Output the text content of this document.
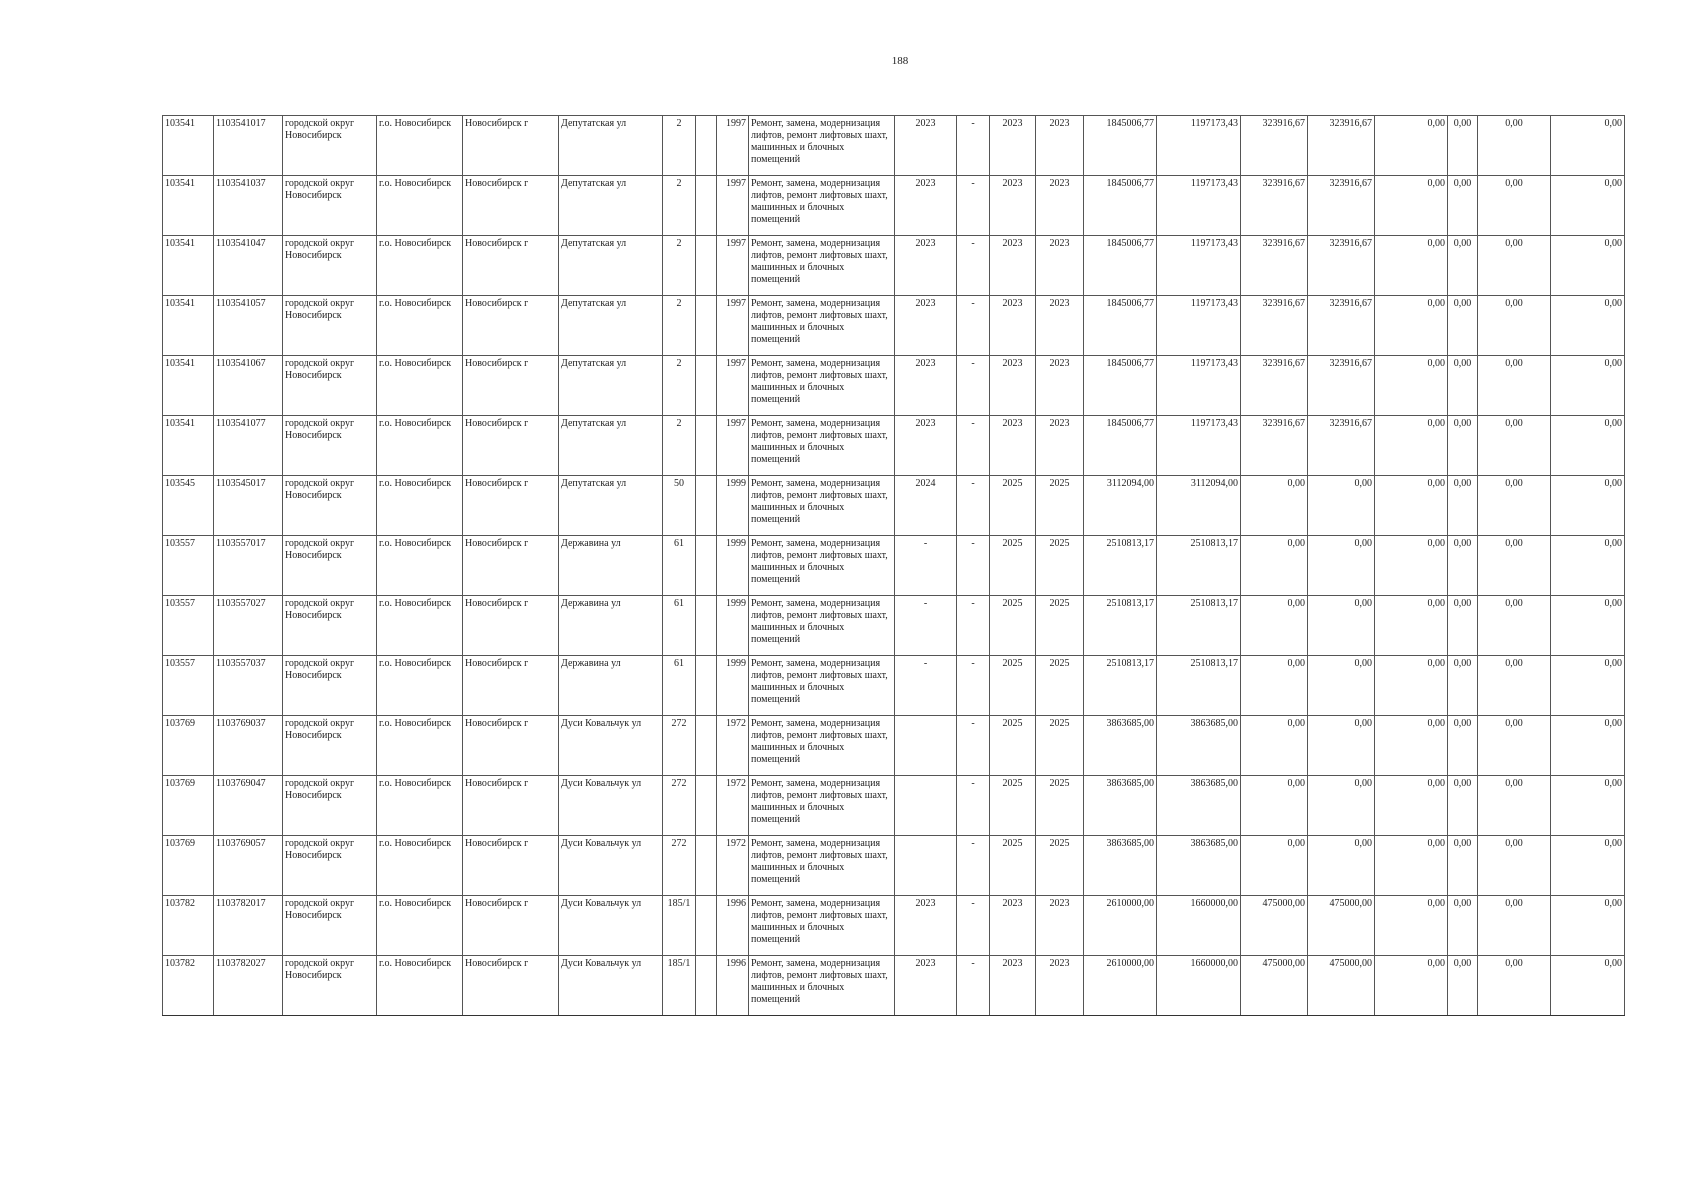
188
103541	1103541017	городской округ Новосибирск	г.о. Новосибирск	Новосибирск г	Депутатская ул	2		1997	Ремонт, замена, модернизация лифтов, ремонт лифтовых шахт, машинных и блочных помещений	2023	-	2023	2023	1845006,77	1197173,43	323916,67	323916,67	0,00	0,00	0,00	0,00
103541	1103541037	городской округ Новосибирск	г.о. Новосибирск	Новосибирск г	Депутатская ул	2		1997	Ремонт, замена, модернизация лифтов, ремонт лифтовых шахт, машинных и блочных помещений	2023	-	2023	2023	1845006,77	1197173,43	323916,67	323916,67	0,00	0,00	0,00	0,00
103541	1103541047	городской округ Новосибирск	г.о. Новосибирск	Новосибирск г	Депутатская ул	2		1997	Ремонт, замена, модернизация лифтов, ремонт лифтовых шахт, машинных и блочных помещений	2023	-	2023	2023	1845006,77	1197173,43	323916,67	323916,67	0,00	0,00	0,00	0,00
103541	1103541057	городской округ Новосибирск	г.о. Новосибирск	Новосибирск г	Депутатская ул	2		1997	Ремонт, замена, модернизация лифтов, ремонт лифтовых шахт, машинных и блочных помещений	2023	-	2023	2023	1845006,77	1197173,43	323916,67	323916,67	0,00	0,00	0,00	0,00
103541	1103541067	городской округ Новосибирск	г.о. Новосибирск	Новосибирск г	Депутатская ул	2		1997	Ремонт, замена, модернизация лифтов, ремонт лифтовых шахт, машинных и блочных помещений	2023	-	2023	2023	1845006,77	1197173,43	323916,67	323916,67	0,00	0,00	0,00	0,00
103541	1103541077	городской округ Новосибирск	г.о. Новосибирск	Новосибирск г	Депутатская ул	2		1997	Ремонт, замена, модернизация лифтов, ремонт лифтовых шахт, машинных и блочных помещений	2023	-	2023	2023	1845006,77	1197173,43	323916,67	323916,67	0,00	0,00	0,00	0,00
103545	1103545017	городской округ Новосибирск	г.о. Новосибирск	Новосибирск г	Депутатская ул	50		1999	Ремонт, замена, модернизация лифтов, ремонт лифтовых шахт, машинных и блочных помещений	2024	-	2025	2025	3112094,00	3112094,00	0,00	0,00	0,00	0,00	0,00	0,00
103557	1103557017	городской округ Новосибирск	г.о. Новосибирск	Новосибирск г	Державина ул	61		1999	Ремонт, замена, модернизация лифтов, ремонт лифтовых шахт, машинных и блочных помещений	-	-	2025	2025	2510813,17	2510813,17	0,00	0,00	0,00	0,00	0,00	0,00
103557	1103557027	городской округ Новосибирск	г.о. Новосибирск	Новосибирск г	Державина ул	61		1999	Ремонт, замена, модернизация лифтов, ремонт лифтовых шахт, машинных и блочных помещений	-	-	2025	2025	2510813,17	2510813,17	0,00	0,00	0,00	0,00	0,00	0,00
103557	1103557037	городской округ Новосибирск	г.о. Новосибирск	Новосибирск г	Державина ул	61		1999	Ремонт, замена, модернизация лифтов, ремонт лифтовых шахт, машинных и блочных помещений	-	-	2025	2025	2510813,17	2510813,17	0,00	0,00	0,00	0,00	0,00	0,00
103769	1103769037	городской округ Новосибирск	г.о. Новосибирск	Новосибирск г	Дуси Ковальчук ул	272		1972	Ремонт, замена, модернизация лифтов, ремонт лифтовых шахт, машинных и блочных помещений		-	2025	2025	3863685,00	3863685,00	0,00	0,00	0,00	0,00	0,00	0,00
103769	1103769047	городской округ Новосибирск	г.о. Новосибирск	Новосибирск г	Дуси Ковальчук ул	272		1972	Ремонт, замена, модернизация лифтов, ремонт лифтовых шахт, машинных и блочных помещений		-	2025	2025	3863685,00	3863685,00	0,00	0,00	0,00	0,00	0,00	0,00
103769	1103769057	городской округ Новосибирск	г.о. Новосибирск	Новосибирск г	Дуси Ковальчук ул	272		1972	Ремонт, замена, модернизация лифтов, ремонт лифтовых шахт, машинных и блочных помещений		-	2025	2025	3863685,00	3863685,00	0,00	0,00	0,00	0,00	0,00	0,00
103782	1103782017	городской округ Новосибирск	г.о. Новосибирск	Новосибирск г	Дуси Ковальчук ул	185/1		1996	Ремонт, замена, модернизация лифтов, ремонт лифтовых шахт, машинных и блочных помещений	2023	-	2023	2023	2610000,00	1660000,00	475000,00	475000,00	0,00	0,00	0,00	0,00
103782	1103782027	городской округ Новосибирск	г.о. Новосибирск	Новосибирск г	Дуси Ковальчук ул	185/1		1996	Ремонт, замена, модернизация лифтов, ремонт лифтовых шахт, машинных и блочных помещений	2023	-	2023	2023	2610000,00	1660000,00	475000,00	475000,00	0,00	0,00	0,00	0,00
